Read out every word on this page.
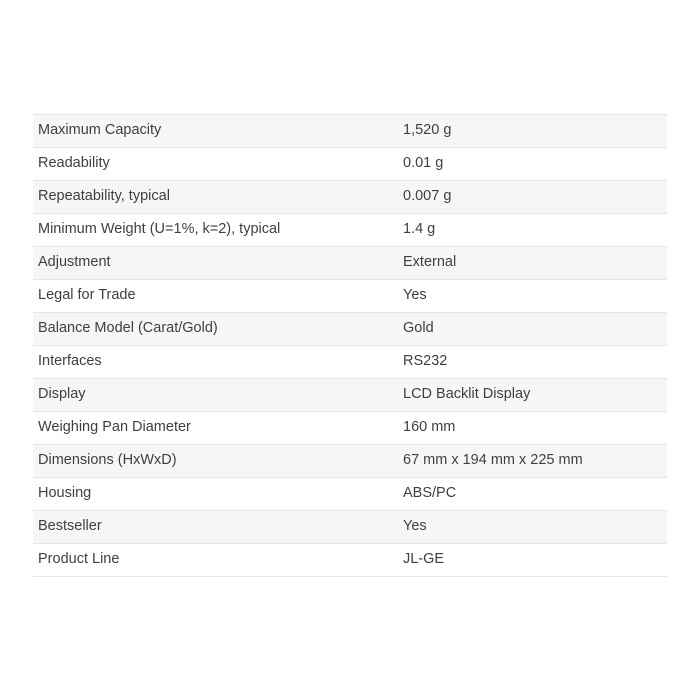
Maximum Capacity	1,520 g
Readability	0.01 g
Repeatability, typical	0.007 g
Minimum Weight (U=1%, k=2), typical	1.4 g
Adjustment	External
Legal for Trade	Yes
Balance Model (Carat/Gold)	Gold
Interfaces	RS232
Display	LCD Backlit Display
Weighing Pan Diameter	160 mm
Dimensions (HxWxD)	67 mm x 194 mm x 225 mm
Housing	ABS/PC
Bestseller	Yes
Product Line	JL-GE
